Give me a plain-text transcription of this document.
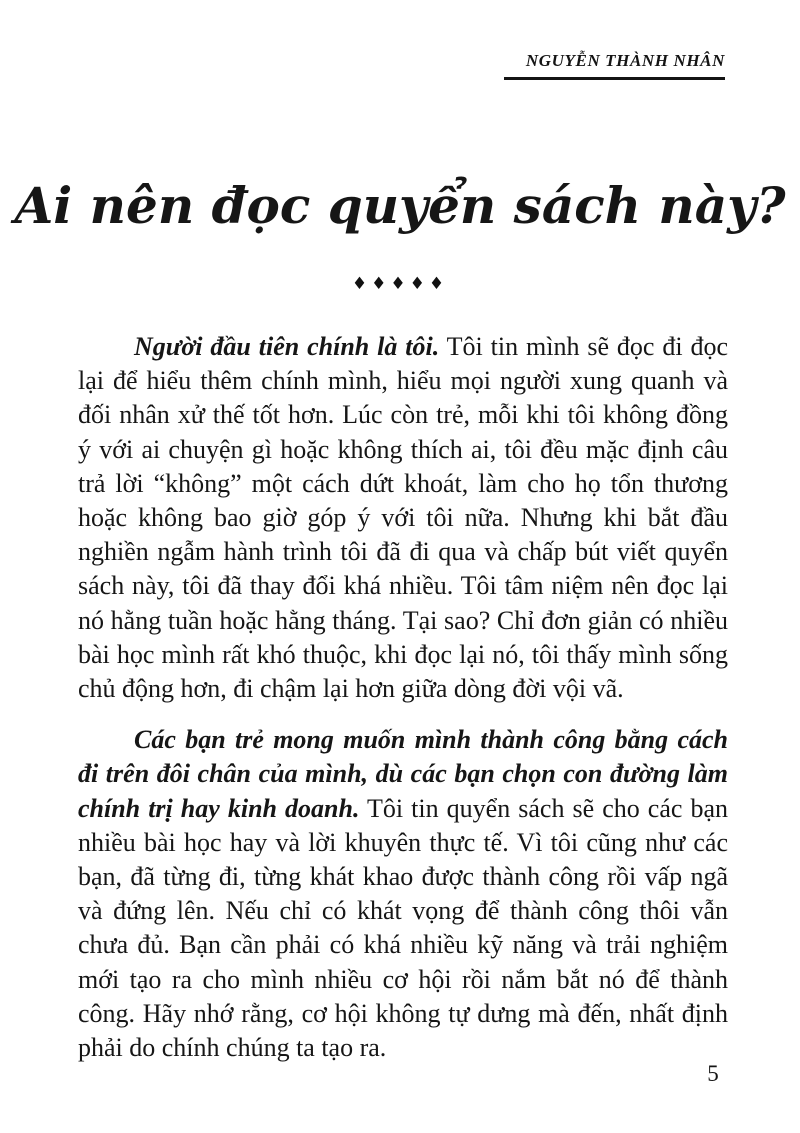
NGUYỄN THÀNH NHÂN
Ai nên đọc quyển sách này?
♦♦♦♦♦

Người đầu tiên chính là tôi. Tôi tin mình sẽ đọc đi đọc lại để hiểu thêm chính mình, hiểu mọi người xung quanh và đối nhân xử thế tốt hơn. Lúc còn trẻ, mỗi khi tôi không đồng ý với ai chuyện gì hoặc không thích ai, tôi đều mặc định câu trả lời “không” một cách dứt khoát, làm cho họ tổn thương hoặc không bao giờ góp ý với tôi nữa. Nhưng khi bắt đầu nghiền ngẫm hành trình tôi đã đi qua và chấp bút viết quyển sách này, tôi đã thay đổi khá nhiều. Tôi tâm niệm nên đọc lại nó hằng tuần hoặc hằng tháng. Tại sao? Chỉ đơn giản có nhiều bài học mình rất khó thuộc, khi đọc lại nó, tôi thấy mình sống chủ động hơn, đi chậm lại hơn giữa dòng đời vội vã.

Các bạn trẻ mong muốn mình thành công bằng cách đi trên đôi chân của mình, dù các bạn chọn con đường làm chính trị hay kinh doanh. Tôi tin quyển sách sẽ cho các bạn nhiều bài học hay và lời khuyên thực tế. Vì tôi cũng như các bạn, đã từng đi, từng khát khao được thành công rồi vấp ngã và đứng lên. Nếu chỉ có khát vọng để thành công thôi vẫn chưa đủ. Bạn cần phải có khá nhiều kỹ năng và trải nghiệm mới tạo ra cho mình nhiều cơ hội rồi nắm bắt nó để thành công. Hãy nhớ rằng, cơ hội không tự dưng mà đến, nhất định phải do chính chúng ta tạo ra.

5
